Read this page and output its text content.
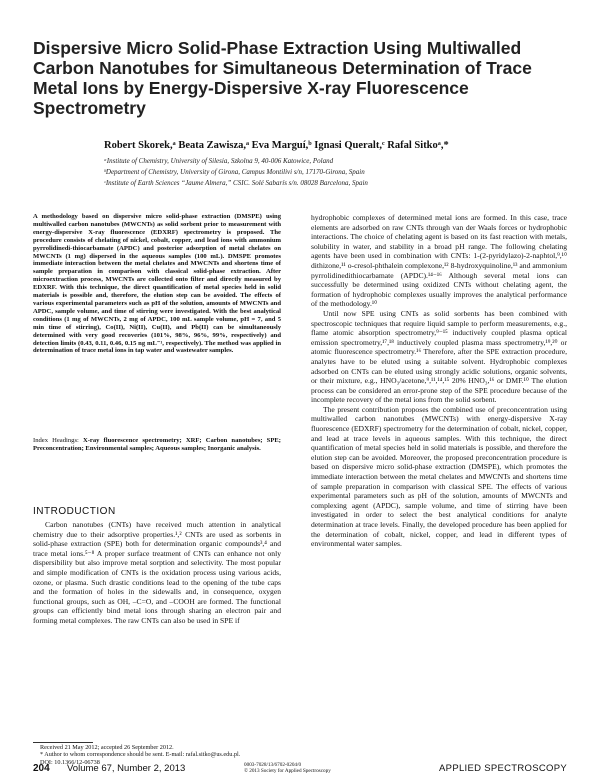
Dispersive Micro Solid-Phase Extraction Using Multiwalled Carbon Nanotubes for Simultaneous Determination of Trace Metal Ions by Energy-Dispersive X-ray Fluorescence Spectrometry
Robert Skorek,ᵃ Beata Zawisza,ᵃ Eva Marguí,ᵇ Ignasi Queralt,ᶜ Rafal Sitkoᵃ,*
ᵃInstitute of Chemistry, University of Silesia, Szkolna 9, 40-006 Katowice, Poland
ᵇDepartment of Chemistry, University of Girona, Campus Montilivi s/n, 17170-Girona, Spain
ᶜInstitute of Earth Sciences “Jaume Almera,” CSIC. Solé Sabarís s/n. 08028 Barcelona, Spain
A methodology based on dispersive micro solid-phase extraction (DMSPE) using multiwalled carbon nanotubes (MWCNTs) as solid sorbent prior to measurement with energy-dispersive X-ray fluorescence (EDXRF) spectrometry is proposed. The procedure consists of chelating of nickel, cobalt, copper, and lead ions with ammonium pyrrolidinedi-thiocarbamate (APDC) and posterior adsorption of metal chelates on MWCNTs (1 mg) dispersed in the aqueous samples (100 mL). DMSPE promotes immediate interaction between the metal chelates and MWCNTs and shortens time of sample preparation in comparison with classical solid-phase extraction. After microextraction process, MWCNTs are collected onto filter and directly measured by EDXRF. With this technique, the direct quantification of metal species held in solid materials is possible and, therefore, the elution step can be avoided. The effects of various experimental parameters such as pH of the solution, amounts of MWCNTs and APDC, sample volume, and time of stirring were investigated. With the best analytical conditions (1 mg of MWCNTs, 2 mg of APDC, 100 mL sample volume, pH = 7, and 5 min time of stirring), Co(II), Ni(II), Cu(II), and Pb(II) can be simultaneously determined with very good recoveries (101%, 98%, 96%, 99%, respectively) and detection limits (0.43, 0.11, 0.46, 0.15 ng mL⁻¹, respectively). The method was applied in determination of trace metal ions in tap water and wastewater samples.
Index Headings: X-ray fluorescence spectrometry; XRF; Carbon nanotubes; SPE; Preconcentration; Environmental samples; Aqueous samples; Inorganic analysis.
INTRODUCTION

Carbon nanotubes (CNTs) have received much attention in analytical chemistry due to their adsorptive properties.¹,² CNTs are used as sorbents in solid-phase extraction (SPE) both for determination organic compounds³,⁴ and trace metal ions.⁵⁻⁸ A proper surface treatment of CNTs can enhance not only dispersibility but also improve metal sorption and selectivity. The most popular and simple modification of CNTs is the oxidation process using various acids, ozone, or plasma. Such drastic conditions lead to the opening of the tube caps and the formation of holes in the sidewalls and, in consequence, oxygen functional groups, such as OH, –C=O, and –COOH are formed. The functional groups can efficiently bind metal ions through sharing an electron pair and forming metal complexes. The raw CNTs can also be used in SPE if

Received 21 May 2012; accepted 26 September 2012.
* Author to whom correspondence should be sent. E-mail: rafal.sitko@us.edu.pl.
DOI: 10.1366/12-06738

hydrophobic complexes of determined metal ions are formed. In this case, trace elements are adsorbed on raw CNTs through van der Waals forces or hydrophobic interactions. The choice of chelating agent is based on its fast reaction with metals, solubility in water, and stability in a broad pH range. The following chelating agents have been used in combination with CNTs: 1-(2-pyridylazo)-2-naphtol,⁹,¹⁰ dithizone,¹¹ o-cresol-phthalein complexone,¹² 8-hydroxyquinoline,¹³ and ammonium pyrrolidinedithiocarbamate (APDC).¹⁴⁻¹⁶ Although several metal ions can successfully be determined using oxidized CNTs without chelating agent, the formation of hydrophobic complexes usually improves the analytical performance of the methodology.¹⁰

Until now SPE using CNTs as solid sorbents has been combined with spectroscopic techniques that require liquid sample to perform measurements, e.g., flame atomic absorption spectrometry,⁹⁻¹⁵ inductively coupled plasma optical emission spectrometry,¹⁷,¹⁸ inductively coupled plasma mass spectrometry,¹⁹,²⁰ or atomic fluorescence spectrometry.¹⁶ Therefore, after the SPE extraction procedure, analytes have to be eluted using a suitable solvent. Hydrophobic complexes adsorbed on CNTs can be eluted using strongly acidic solutions, organic solvents, or their mixture, e.g., HNO₃/acetone,⁹,¹¹,¹⁴,¹⁵ 20% HNO₃,¹⁶ or DMF.¹⁰ The elution process can be considered an error-prone step of the SPE procedure because of the incomplete recovery of the metal ions from the solid sorbent.

The present contribution proposes the combined use of preconcentration using multiwalled carbon nanotubes (MWCNTs) with energy-dispersive X-ray fluorescence (EDXRF) spectrometry for the determination of cobalt, nickel, copper, and lead at trace levels in aqueous samples. With this technique, the direct quantification of metal species held in solid materials is possible, and therefore the elution step can be avoided. Moreover, the proposed preconcentration procedure is based on dispersive micro solid-phase extraction (DMSPE), which promotes the immediate interaction between the metal chelates and MWCNTs and shortens time of sample preparation in comparison with classical SPE. The effects of various experimental parameters such as pH of the solution, amounts of MWCNTs and complexing agent (APDC), sample volume, and time of stirring have been investigated in order to select the best analytical conditions for analyte determination at trace levels. Finally, the developed procedure has been applied for the determination of cobalt, nickel, copper, and lead in different types of environmental water samples.

204 Volume 67, Number 2, 2013	0003-7028/13/6702-0204/0
© 2013 Society for Applied Spectroscopy	APPLIED SPECTROSCOPY
